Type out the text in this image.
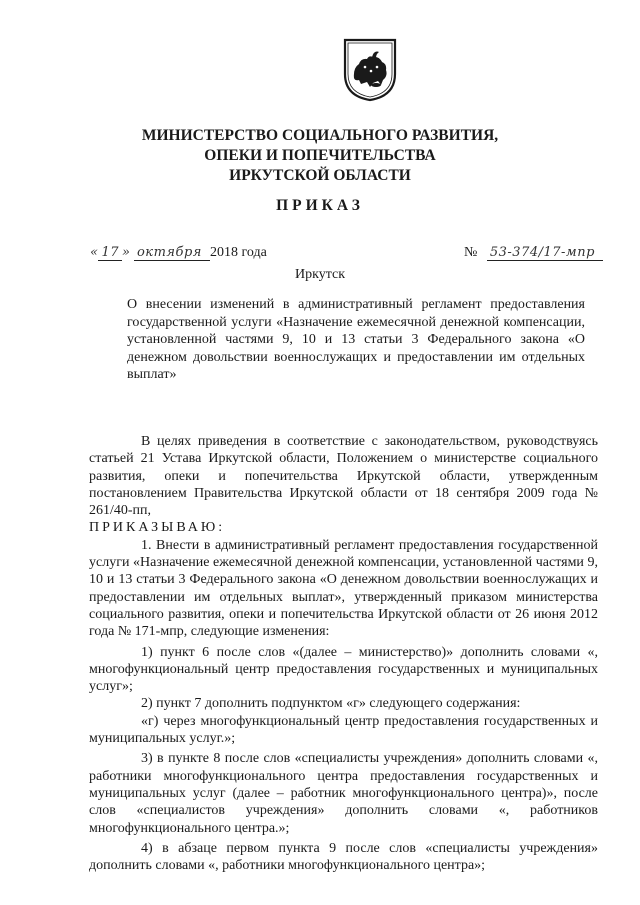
МИНИСТЕРСТВО СОЦИАЛЬНОГО РАЗВИТИЯ,
ОПЕКИ И ПОПЕЧИТЕЛЬСТВА
ИРКУТСКОЙ ОБЛАСТИ
ПРИКАЗ
« 17 » октября 2018 года	№ 53-374/17-мпр
Иркутск
О внесении изменений в административный регламент предоставления государственной услуги «Назначение ежемесячной денежной компенсации, установленной частями 9, 10 и 13 статьи 3 Федерального закона «О денежном довольствии военнослужащих и предоставлении им отдельных выплат»

В целях приведения в соответствие с законодательством, руководствуясь статьей 21 Устава Иркутской области, Положением о министерстве социального развития, опеки и попечительства Иркутской области, утвержденным постановлением Правительства Иркутской области от 18 сентября 2009 года № 261/40-пп,

ПРИКАЗЫВАЮ:

1. Внести в административный регламент предоставления государственной услуги «Назначение ежемесячной денежной компенсации, установленной частями 9, 10 и 13 статьи 3 Федерального закона «О денежном довольствии военнослужащих и предоставлении им отдельных выплат», утвержденный приказом министерства социального развития, опеки и попечительства Иркутской области от 26 июня 2012 года № 171-мпр, следующие изменения:

1) пункт 6 после слов «(далее – министерство)» дополнить словами «, многофункциональный центр предоставления государственных и муниципальных услуг»;

2) пункт 7 дополнить подпунктом «г» следующего содержания:

«г) через многофункциональный центр предоставления государственных и муниципальных услуг.»;

3) в пункте 8 после слов «специалисты учреждения» дополнить словами «, работники многофункционального центра предоставления государственных и муниципальных услуг (далее – работник многофункционального центра)», после слов «специалистов учреждения» дополнить словами «, работников многофункционального центра.»;

4) в абзаце первом пункта 9 после слов «специалисты учреждения» дополнить словами «, работники многофункционального центра»;
